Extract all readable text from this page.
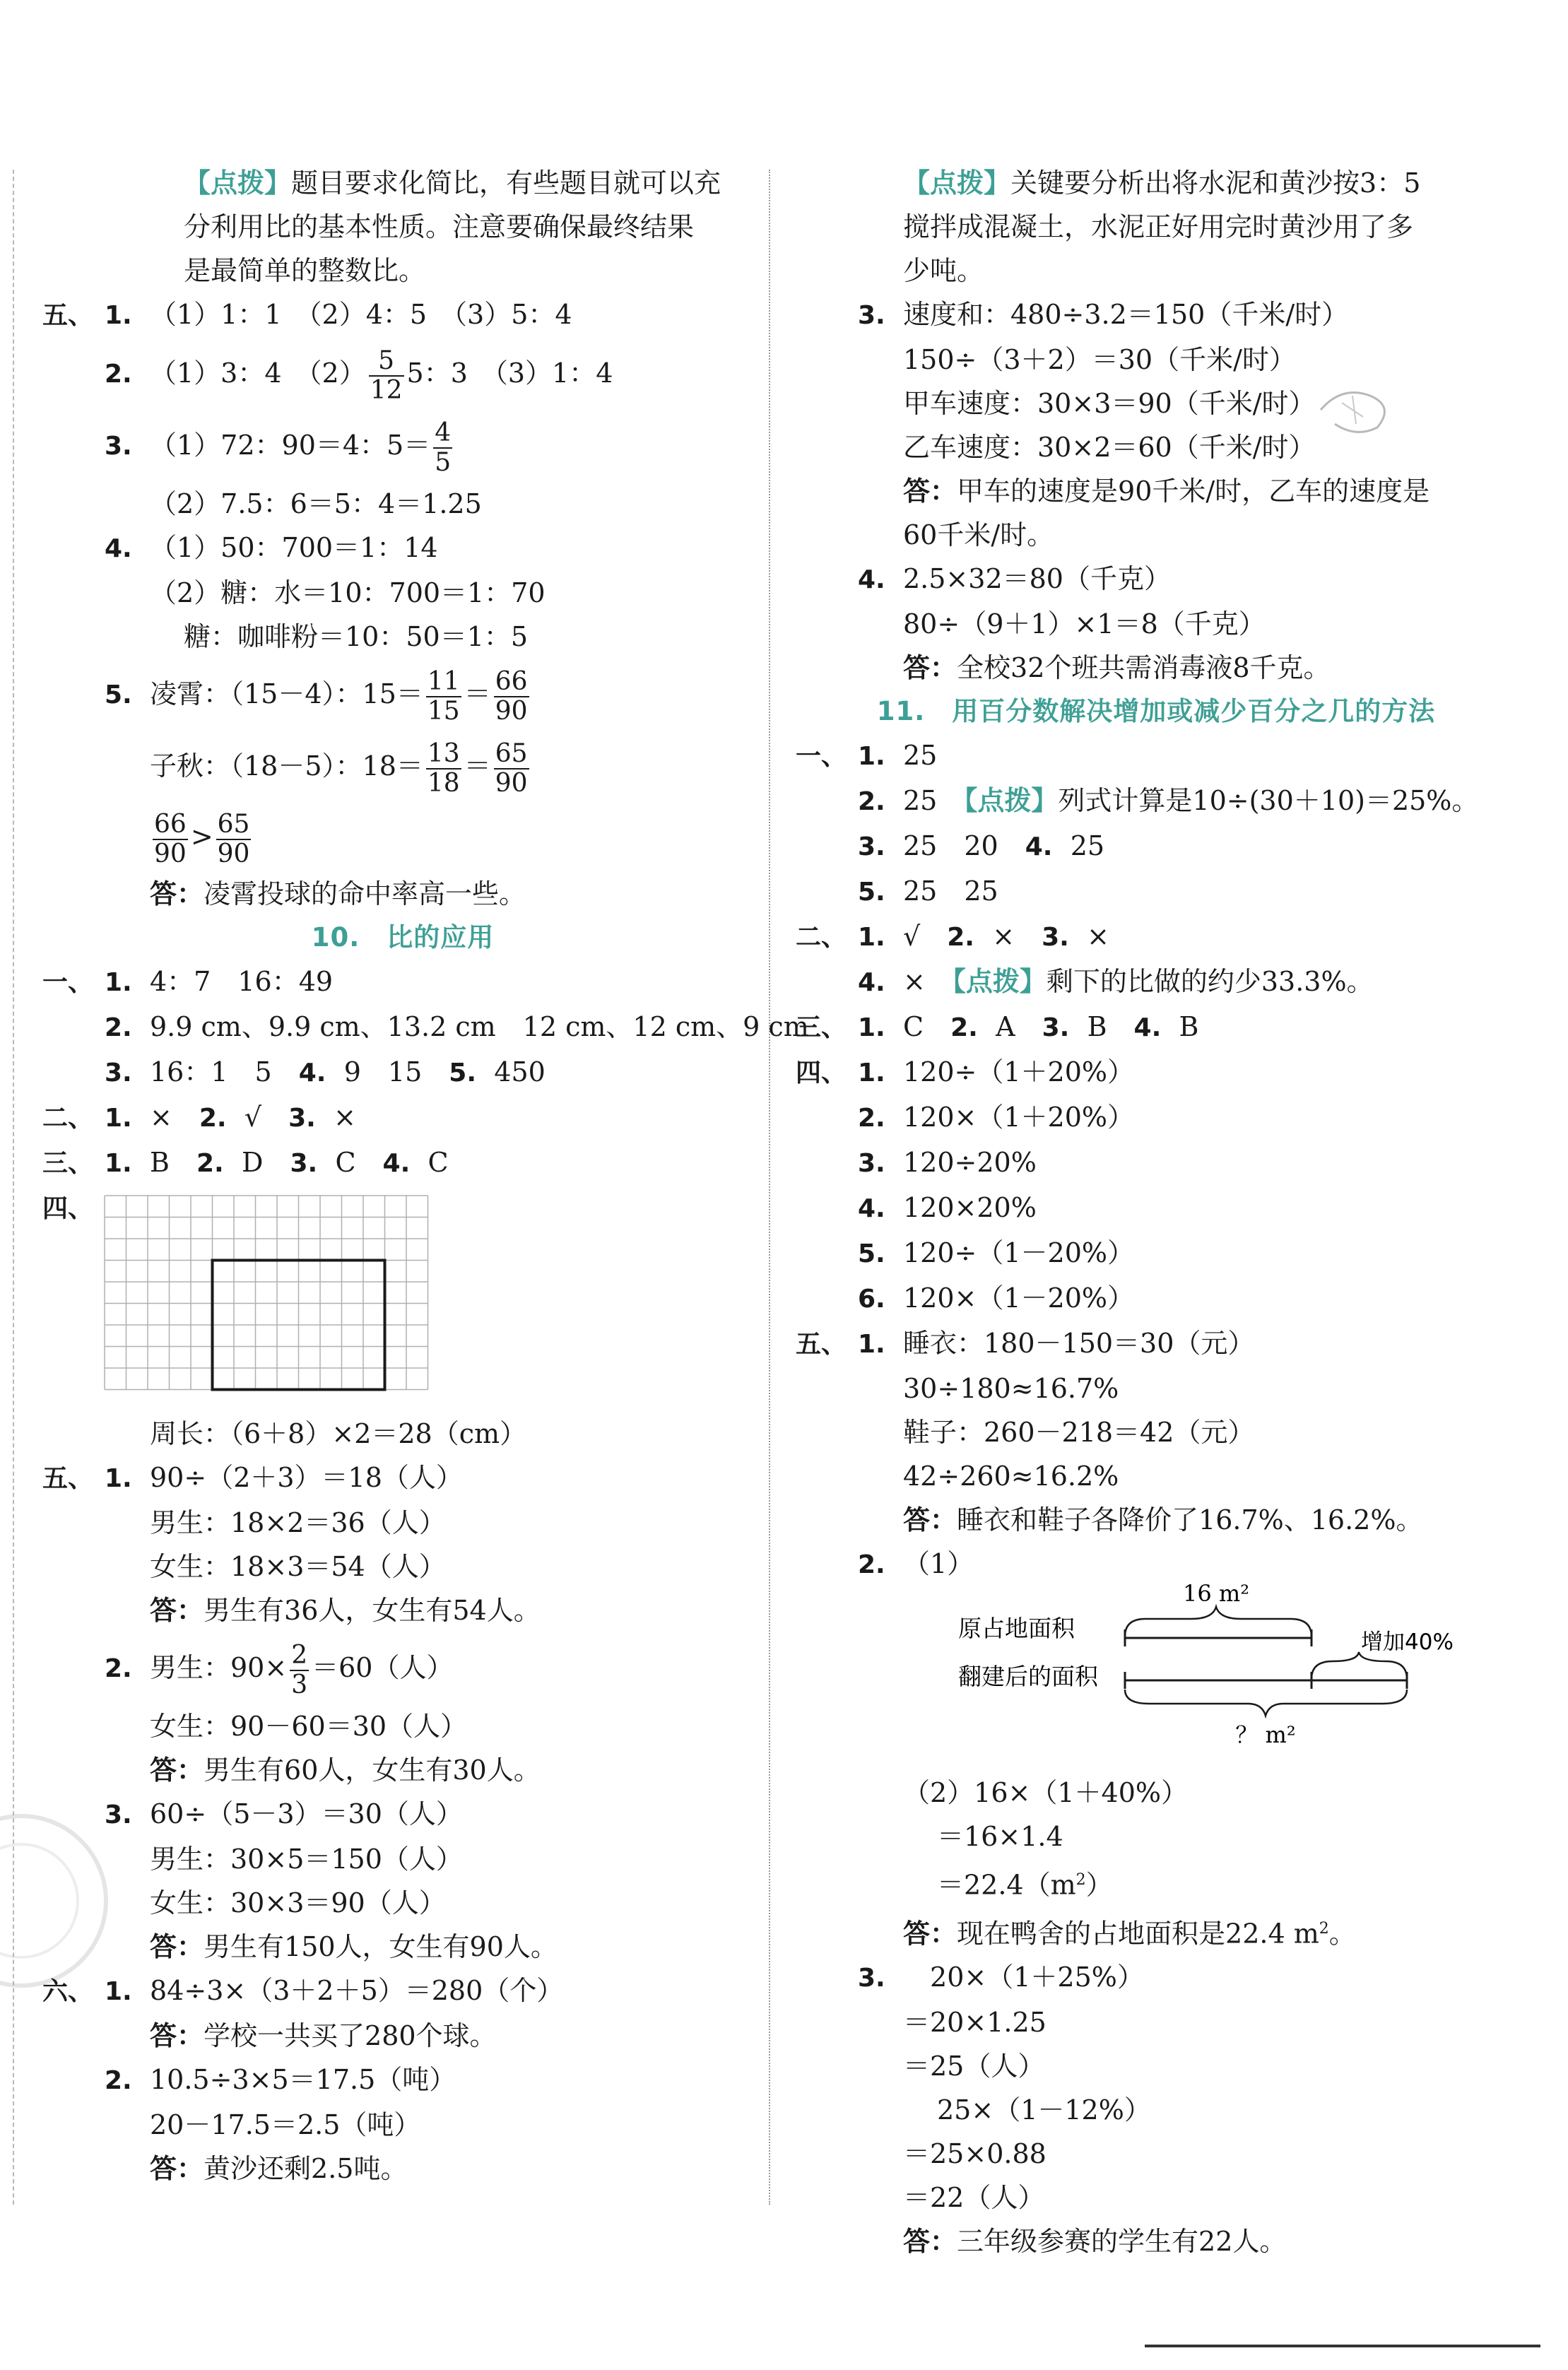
【点拨】题目要求化简比，有些题目就可以充
分利用比的基本性质。注意要确保最终结果
是最简单的整数比。
五、 1. （1）1：1　（2）4：5　（3）5：4
2. （1）3：4　$(2) \frac{5}{12} 5$：3　（3）1：4
3. （1）72：90＝4：$5= \frac{4}{5}$
（2）7.5：6＝5：4＝1.25
4. （1）50：700＝1：14
（2）糖：水＝10：700＝1：70
糖：咖啡粉＝10：50＝1：5
5. 凌霄：（15－4）：$15= \frac{11}{15} = \frac{66}{90}$
子秋：（18－5）：$18= \frac{13}{18} = \frac{65}{90}$
$\frac{66}{90} > \frac{65}{90}$
答：凌霄投球的命中率高一些。
10.　比的应用
一、 1. 4：7　16：49
2. 9.9 cm、9.9 cm、13.2 cm　12 cm、12 cm、9 cm
3. 16：1　5　 4. 9　15　 5. 450
二、 1. ×　 2. √　 3. ×
三、 1. B　 2. D　 3. C　 4. C
四、
周长：（6＋8）×2＝28（cm）
五、 1. 90÷（2＋3）＝18（人）
男生：18×2＝36（人）
女生：18×3＝54（人）
答：男生有36人，女生有54人。
2. 男生：$90\times \frac{2}{3} =60$（人）
女生：90－60＝30（人）
答：男生有60人，女生有30人。
3. 60÷（5－3）＝30（人）
男生：30×5＝150（人）
女生：30×3＝90（人）
答：男生有150人，女生有90人。
六、 1. 84÷3×（3＋2＋5）＝280（个）
答：学校一共买了280个球。
2. 10.5÷3×5＝17.5（吨）
20－17.5＝2.5（吨）
答：黄沙还剩2.5吨。
【点拨】关键要分析出将水泥和黄沙按3：5
搅拌成混凝土，水泥正好用完时黄沙用了多
少吨。
3. 速度和：480÷3.2＝150（千米/时）
150÷（3＋2）＝30（千米/时）
甲车速度：30×3＝90（千米/时）
乙车速度：30×2＝60（千米/时）
答：甲车的速度是90千米/时，乙车的速度是
60千米/时。
4. 2.5×32＝80（千克）
80÷（9＋1）×1＝8（千克）
答：全校32个班共需消毒液8千克。
11.　用百分数解决增加或减少百分之几的方法
一、 1. 25
2. 25　 【点拨】列式计算是10÷(30＋10)＝25%。
3. 25　20　 4. 25
5. 25　25
二、 1. √　 2. ×　 3. ×
4. ×　 【点拨】剩下的比做的约少33.3%。
三、 1. C　 2. A　 3. B　 4. B
四、 1. 120÷（1＋20%）
2. 120×（1＋20%）
3. 120÷20%
4. 120×20%
5. 120÷（1－20%）
6. 120×（1－20%）
五、 1. 睡衣：180－150＝30（元）
30÷180≈16.7%
鞋子：260－218＝42（元）
42÷260≈16.2%
答：睡衣和鞋子各降价了16.7%、16.2%。
2. （1）
16 m²
原占地面积	增加40%
翻建后的面积
？ m²
（2）16×（1＋40%）
＝16×1.4
$=22.4(m^2)$
答：现在鸭舍的占地面积是22.4 $m^2$。
3.　 20×（1＋25%）
＝20×1.25
＝25（人）
25×（1－12%）
＝25×0.88
＝22（人）
答：三年级参赛的学生有22人。
